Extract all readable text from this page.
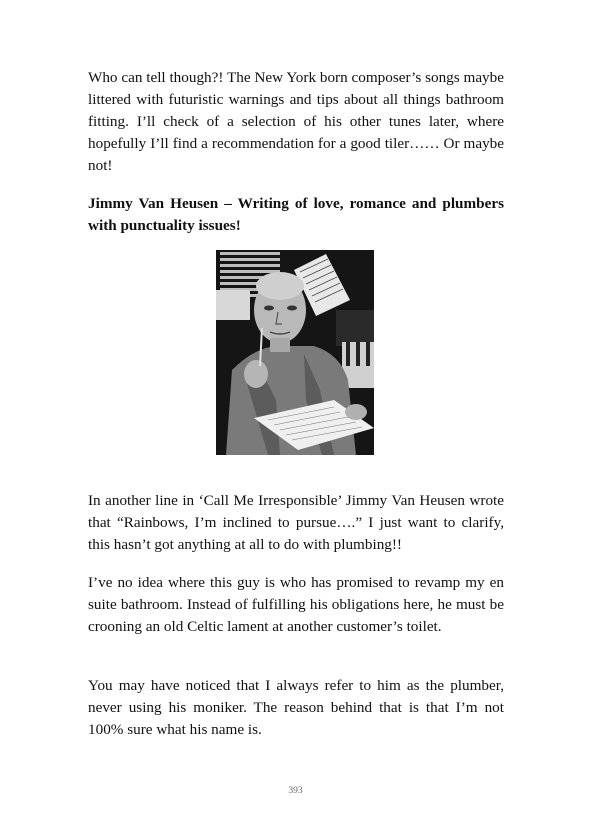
Who can tell though?! The New York born composer’s songs maybe littered with futuristic warnings and tips about all things bathroom fitting. I’ll check of a selection of his other tunes later, where hopefully I’ll find a recommendation for a good tiler…… Or maybe not!

Jimmy Van Heusen – Writing of love, romance and plumbers with punctuality issues!

In another line in ‘Call Me Irresponsible’ Jimmy Van Heusen wrote that “Rainbows, I’m inclined to pursue….” I just want to clarify, this hasn’t got anything at all to do with plumbing!!

I’ve no idea where this guy is who has promised to revamp my en suite bathroom. Instead of fulfilling his obligations here, he must be crooning an old Celtic lament at another customer’s toilet.

You may have noticed that I always refer to him as the plumber, never using his moniker. The reason behind that is that I’m not 100% sure what his name is.

393
